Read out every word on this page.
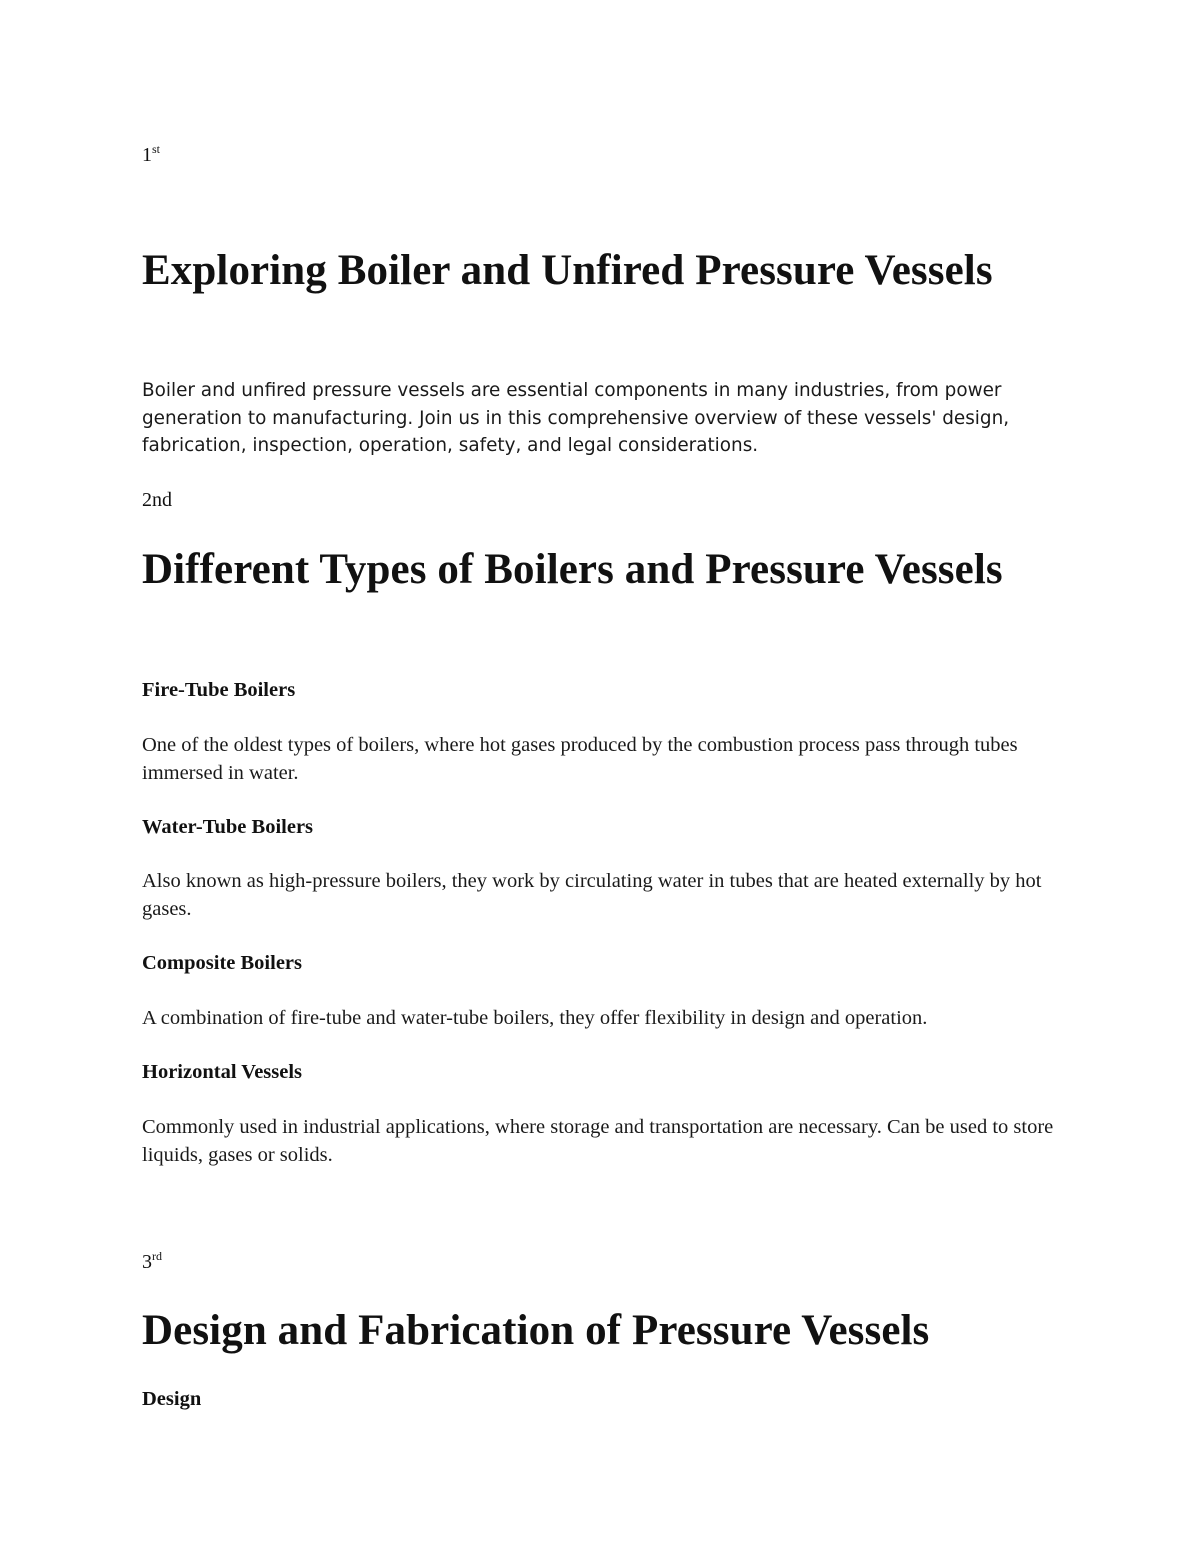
1st
Exploring Boiler and Unfired Pressure Vessels

Boiler and unfired pressure vessels are essential components in many industries, from power generation to manufacturing. Join us in this comprehensive overview of these vessels' design, fabrication, inspection, operation, safety, and legal considerations.

2nd
Different Types of Boilers and Pressure Vessels
Fire-Tube Boilers

One of the oldest types of boilers, where hot gases produced by the combustion process pass through tubes immersed in water.

Water-Tube Boilers

Also known as high-pressure boilers, they work by circulating water in tubes that are heated externally by hot gases.

Composite Boilers

A combination of fire-tube and water-tube boilers, they offer flexibility in design and operation.

Horizontal Vessels

Commonly used in industrial applications, where storage and transportation are necessary. Can be used to store liquids, gases or solids.

3rd
Design and Fabrication of Pressure Vessels
Design
